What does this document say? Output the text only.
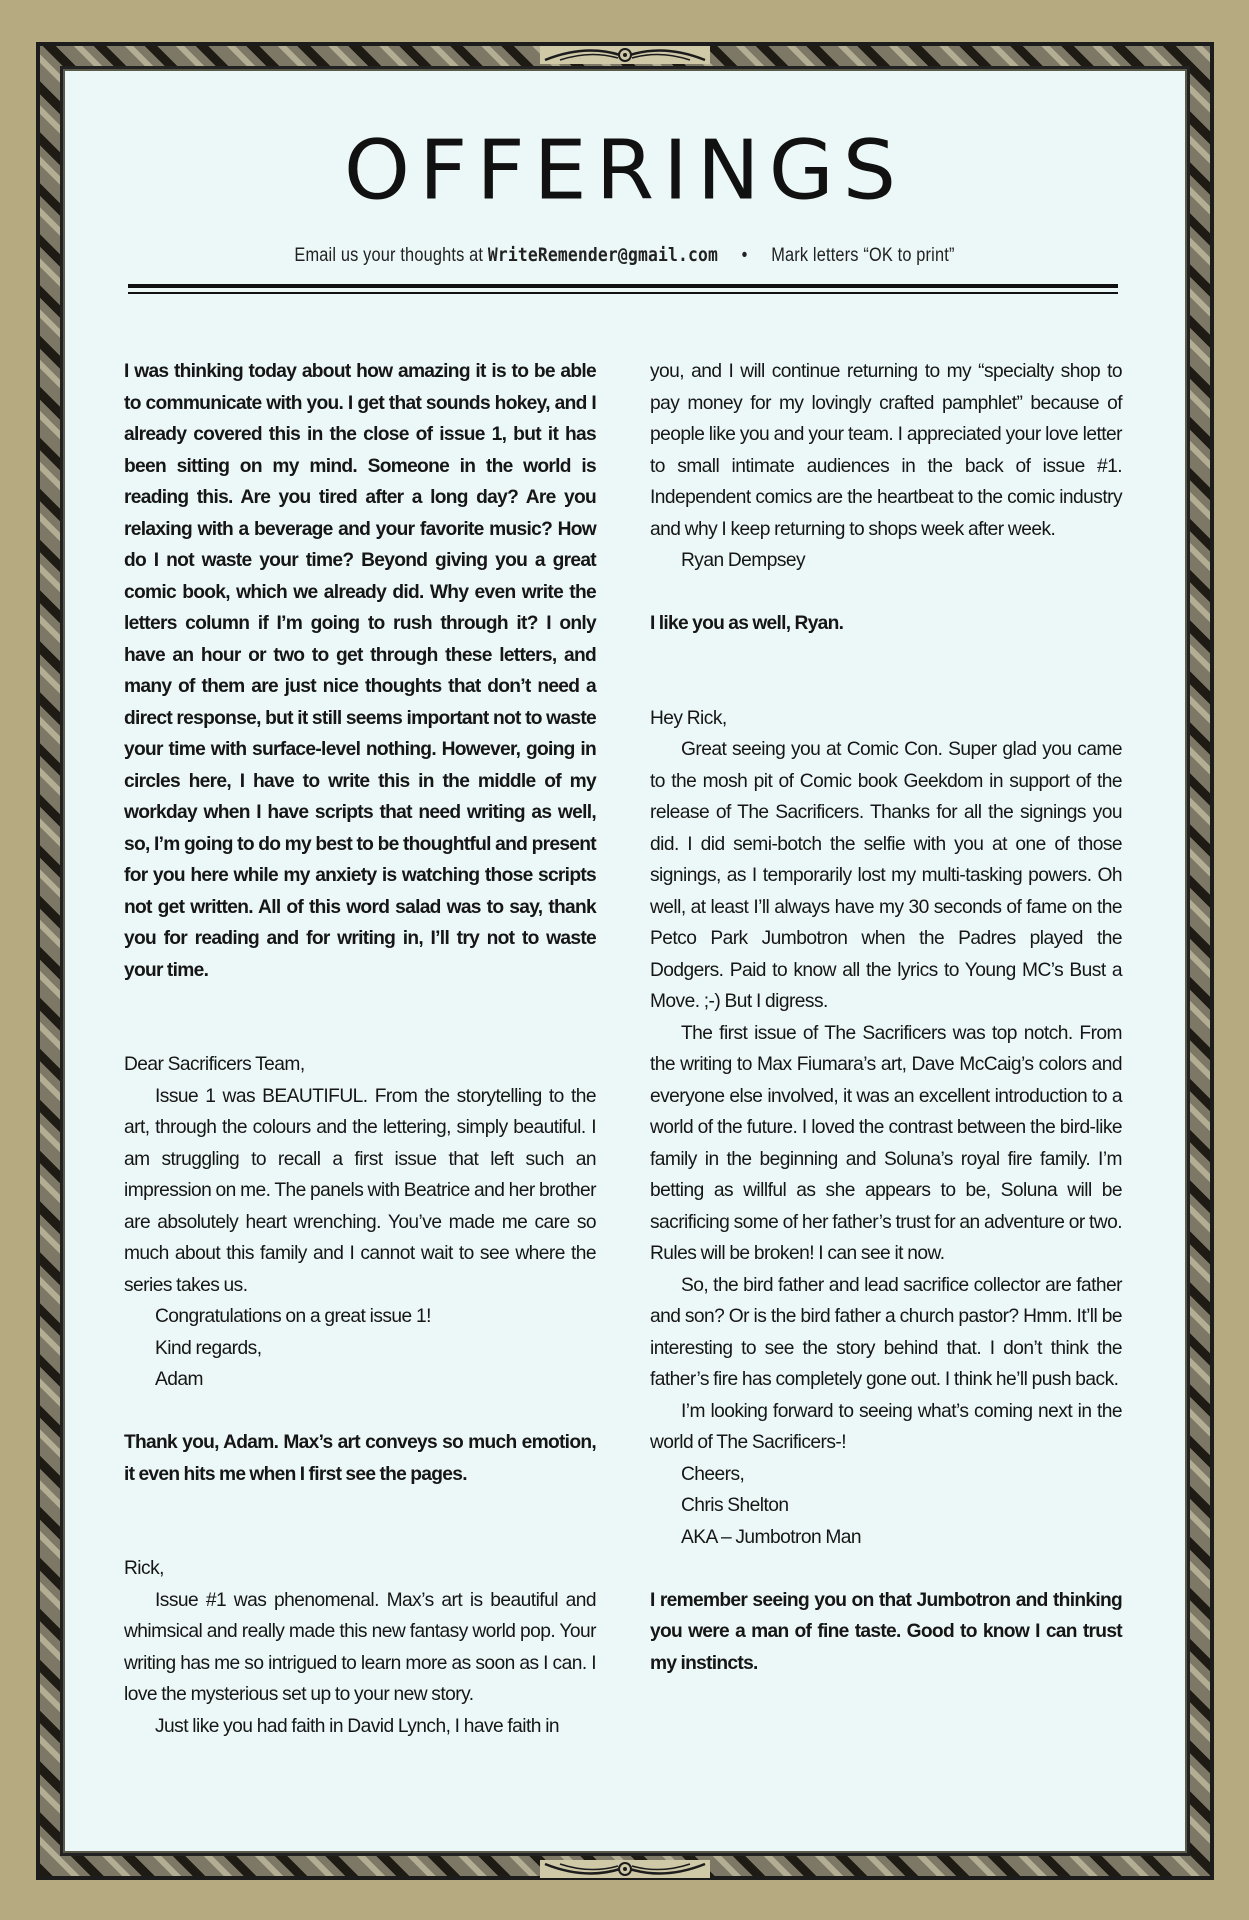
OFFERINGS
Email us your thoughts at WriteRemender@gmail.com • Mark letters “OK to print”

I was thinking today about how amazing it is to be able to communicate with you. I get that sounds hokey, and I already covered this in the close of issue 1, but it has been sitting on my mind. Someone in the world is reading this. Are you tired after a long day? Are you relaxing with a beverage and your favorite music? How do I not waste your time? Beyond giving you a great comic book, which we already did. Why even write the letters column if I’m going to rush through it? I only have an hour or two to get through these letters, and many of them are just nice thoughts that don’t need a direct response, but it still seems important not to waste your time with surface-level nothing. However, going in circles here, I have to write this in the middle of my workday when I have scripts that need writing as well, so, I’m going to do my best to be thoughtful and present for you here while my anxiety is watching those scripts not get written. All of this word salad was to say, thank you for reading and for writing in, I’ll try not to waste your time.

Dear Sacrificers Team,

Issue 1 was BEAUTIFUL. From the storytelling to the art, through the colours and the lettering, simply beautiful. I am struggling to recall a first issue that left such an impression on me. The panels with Beatrice and her brother are absolutely heart wrenching. You’ve made me care so much about this family and I cannot wait to see where the series takes us.

Congratulations on a great issue 1!

Kind regards,

Adam

Thank you, Adam. Max’s art conveys so much emotion, it even hits me when I first see the pages.

Rick,

Issue #1 was phenomenal. Max’s art is beautiful and whimsical and really made this new fantasy world pop. Your writing has me so intrigued to learn more as soon as I can. I love the mysterious set up to your new story.

Just like you had faith in David Lynch, I have faith in

you, and I will continue returning to my “specialty shop to pay money for my lovingly crafted pamphlet” because of people like you and your team. I appreciated your love letter to small intimate audiences in the back of issue #1. Independent comics are the heartbeat to the comic industry and why I keep returning to shops week after week.

Ryan Dempsey

I like you as well, Ryan.

Hey Rick,

Great seeing you at Comic Con. Super glad you came to the mosh pit of Comic book Geekdom in support of the release of The Sacrificers. Thanks for all the signings you did. I did semi-botch the selfie with you at one of those signings, as I temporarily lost my multi-tasking powers. Oh well, at least I’ll always have my 30 seconds of fame on the Petco Park Jumbotron when the Padres played the Dodgers. Paid to know all the lyrics to Young MC’s Bust a Move. ;-) But I digress.

The first issue of The Sacrificers was top notch. From the writing to Max Fiumara’s art, Dave McCaig’s colors and everyone else involved, it was an excellent introduction to a world of the future. I loved the contrast between the bird-like family in the beginning and Soluna’s royal fire family. I’m betting as willful as she appears to be, Soluna will be sacrificing some of her father’s trust for an adventure or two. Rules will be broken! I can see it now.

So, the bird father and lead sacrifice collector are father and son? Or is the bird father a church pastor? Hmm. It’ll be interesting to see the story behind that. I don’t think the father’s fire has completely gone out. I think he’ll push back.

I’m looking forward to seeing what’s coming next in the world of The Sacrificers-!

Cheers,

Chris Shelton

AKA – Jumbotron Man

I remember seeing you on that Jumbotron and thinking you were a man of fine taste. Good to know I can trust my instincts.
